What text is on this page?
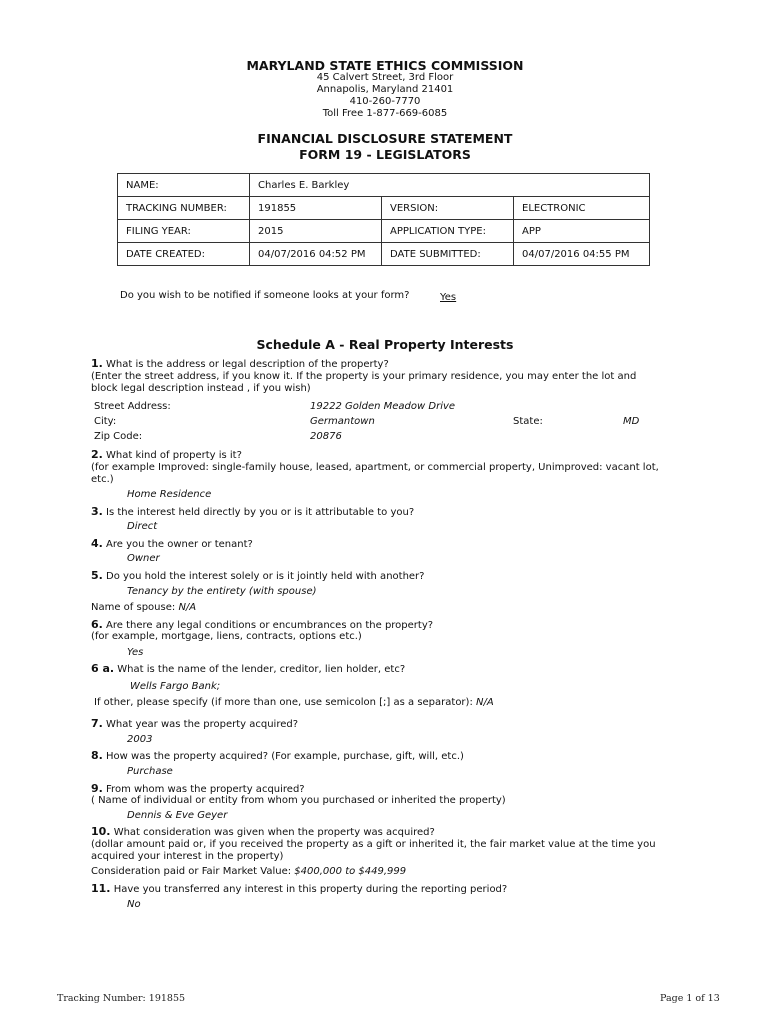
MARYLAND STATE ETHICS COMMISSION
45 Calvert Street, 3rd Floor
Annapolis, Maryland 21401
410-260-7770
Toll Free 1-877-669-6085
FINANCIAL DISCLOSURE STATEMENT
FORM 19 - LEGISLATORS
NAME:	Charles E. Barkley		
TRACKING NUMBER:	191855	VERSION:	ELECTRONIC
FILING YEAR:	2015	APPLICATION TYPE:	APP
DATE CREATED:	04/07/2016 04:52 PM	DATE SUBMITTED:	04/07/2016 04:55 PM
Do you wish to be notified if someone looks at your form?	Yes
Schedule A - Real Property Interests
1. What is the address or legal description of the property?
(Enter the street address, if you know it. If the property is your primary residence, you may enter the lot and
block legal description instead , if you wish)
Street Address:	19222 Golden Meadow Drive
City:	Germantown	State:	MD
Zip Code:	20876
2. What kind of property is it?
(for example Improved: single-family house, leased, apartment, or commercial property, Unimproved: vacant lot,
etc.)
Home Residence
3. Is the interest held directly by you or is it attributable to you?
Direct
4. Are you the owner or tenant?
Owner
5. Do you hold the interest solely or is it jointly held with another?
Tenancy by the entirety (with spouse)
Name of spouse: N/A
6. Are there any legal conditions or encumbrances on the property?
(for example, mortgage, liens, contracts, options etc.)
Yes
6 a. What is the name of the lender, creditor, lien holder, etc?
Wells Fargo Bank;
If other, please specify (if more than one, use semicolon [;] as a separator): N/A
7. What year was the property acquired?
2003
8. How was the property acquired? (For example, purchase, gift, will, etc.)
Purchase
9. From whom was the property acquired?
( Name of individual or entity from whom you purchased or inherited the property)
Dennis & Eve Geyer
10. What consideration was given when the property was acquired?
(dollar amount paid or, if you received the property as a gift or inherited it, the fair market value at the time you
acquired your interest in the property)
Consideration paid or Fair Market Value: $400,000 to $449,999
11. Have you transferred any interest in this property during the reporting period?
No
Tracking Number: 191855	Page 1 of 13
